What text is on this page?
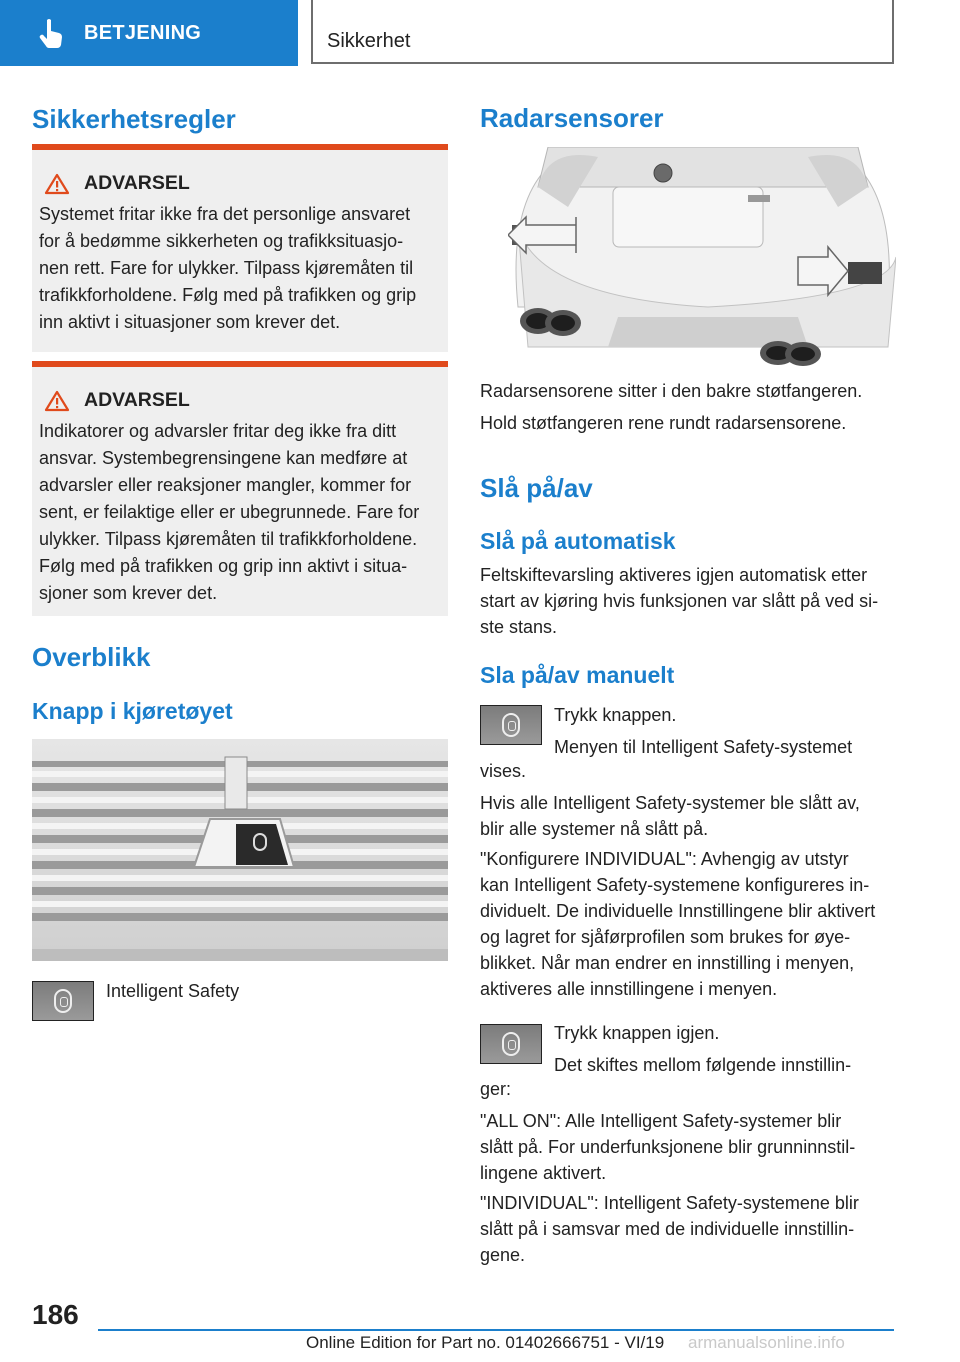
BETJENING	Sikkerhet
Sikkerhetsregler
ADVARSEL

Systemet fritar ikke fra det personlige ansvaret
for å bedømme sikkerheten og trafikksituasjo-
nen rett. Fare for ulykker. Tilpass kjøremåten til
trafikkforholdene. Følg med på trafikken og grip
inn aktivt i situasjoner som krever det.

ADVARSEL

Indikatorer og advarsler fritar deg ikke fra ditt
ansvar. Systembegrensingene kan medføre at
advarsler eller reaksjoner mangler, kommer for
sent, er feilaktige eller er ubegrunnede. Fare for
ulykker. Tilpass kjøremåten til trafikkforholdene.
Følg med på trafikken og grip inn aktivt i situa-
sjoner som krever det.

Overblikk
Knapp i kjøretøyet

Intelligent Safety

Radarsensorer

Radarsensorene sitter i den bakre støtfangeren.

Hold støtfangeren rene rundt radarsensorene.

Slå på/av
Slå på automatisk

Feltskiftevarsling aktiveres igjen automatisk etter
start av kjøring hvis funksjonen var slått på ved si-
ste stans.

Sla på/av manuelt

Trykk knappen.

Menyen til Intelligent Safety-systemet

vises.

Hvis alle Intelligent Safety-systemer ble slått av,
blir alle systemer nå slått på.

"Konfigurere INDIVIDUAL": Avhengig av utstyr
kan Intelligent Safety-systemene konfigureres in-
dividuelt. De individuelle Innstillingene blir aktivert
og lagret for sjåførprofilen som brukes for øye-
blikket. Når man endrer en innstilling i menyen,
aktiveres alle innstillingene i menyen.

Trykk knappen igjen.

Det skiftes mellom følgende innstillin-

ger:

"ALL ON": Alle Intelligent Safety-systemer blir
slått på. For underfunksjonene blir grunninnstil-
lingene aktivert.

"INDIVIDUAL": Intelligent Safety-systemene blir
slått på i samsvar med de individuelle innstillin-
gene.

186
Online Edition for Part no. 01402666751 - VI/19 armanualsonline.info
